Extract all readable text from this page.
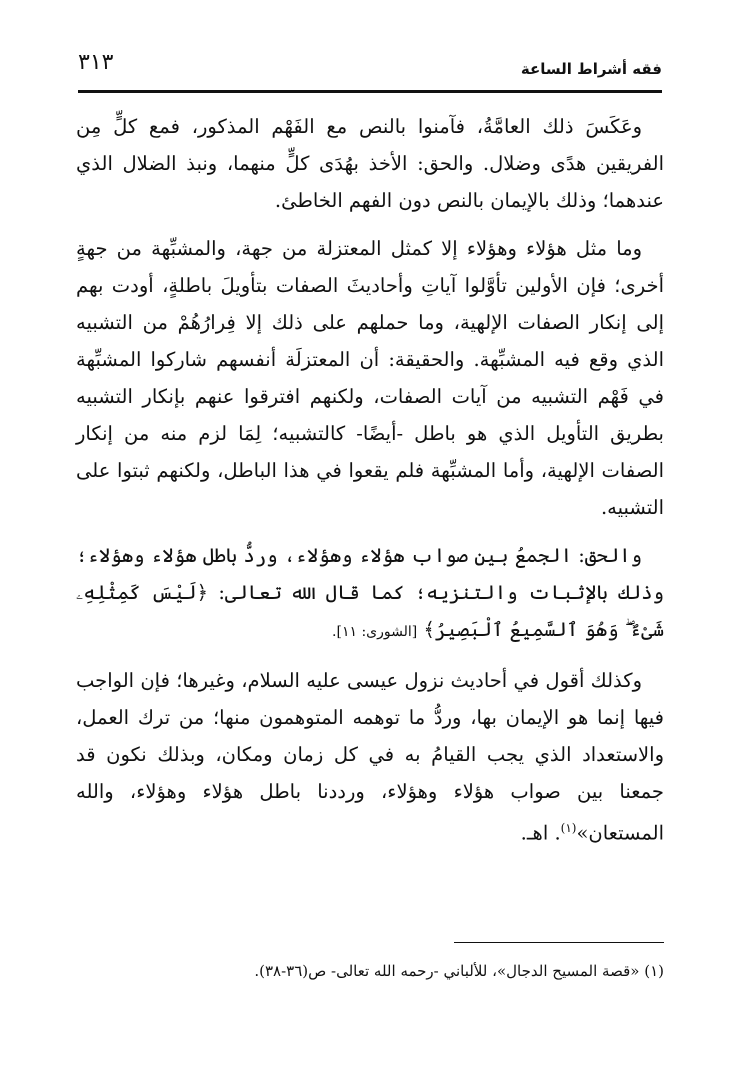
فقه أشراط الساعة
٣١٣

وعَكَسَ ذلك العامَّةُ، فآمنوا بالنص مع الفَهْم المذكور، فمع كلٍّ مِن الفريقين هدًى وضلال. والحق: الأخذ بهُدَى كلٍّ منهما، ونبذ الضلال الذي عندهما؛ وذلك بالإيمان بالنص دون الفهم الخاطئ.

وما مثل هؤلاء وهؤلاء إلا كمثل المعتزلة من جهة، والمشبِّهة من جهةٍ أخرى؛ فإن الأولين تأوَّلوا آياتِ وأحاديثَ الصفات بتأويلَ باطلةٍ، أودت بهم إلى إنكار الصفات الإلهية، وما حملهم على ذلك إلا فِرارُهُمْ من التشبيه الذي وقع فيه المشبِّهة. والحقيقة: أن المعتزلَة أنفسهم شاركوا المشبِّهة في فَهْم التشبيه من آيات الصفات، ولكنهم افترقوا عنهم بإنكار التشبيه بطريق التأويل الذي هو باطل -أيضًا- كالتشبيه؛ لِمَا لزم منه من إنكار الصفات الإلهية، وأما المشبِّهة فلم يقعوا في هذا الباطل، ولكنهم ثبتوا على التشبيه.

والحق: الجمعُ بين صواب هؤلاء وهؤلاء، وردُّ باطل هؤلاء وهؤلاء؛ وذلك بالإثبات والتنزيه؛ كما قال الله تعالى: ﴿لَيْسَ كَمِثْلِهِۦ شَىْءٌ ۖ وَهُوَ ٱلسَّمِيعُ ٱلْبَصِيرُ﴾ [الشورى: ١١].

وكذلك أقول في أحاديث نزول عيسى عليه السلام، وغيرها؛ فإن الواجب فيها إنما هو الإيمان بها، وردُّ ما توهمه المتوهمون منها؛ من ترك العمل، والاستعداد الذي يجب القيامُ به في كل زمان ومكان، وبذلك نكون قد جمعنا بين صواب هؤلاء وهؤلاء، ورددنا باطل هؤلاء وهؤلاء، والله المستعان»$^{(١)}$. اهـ.

(١) «قصة المسيح الدجال»، للألباني -رحمه الله تعالى- ص(٣٦-٣٨).
